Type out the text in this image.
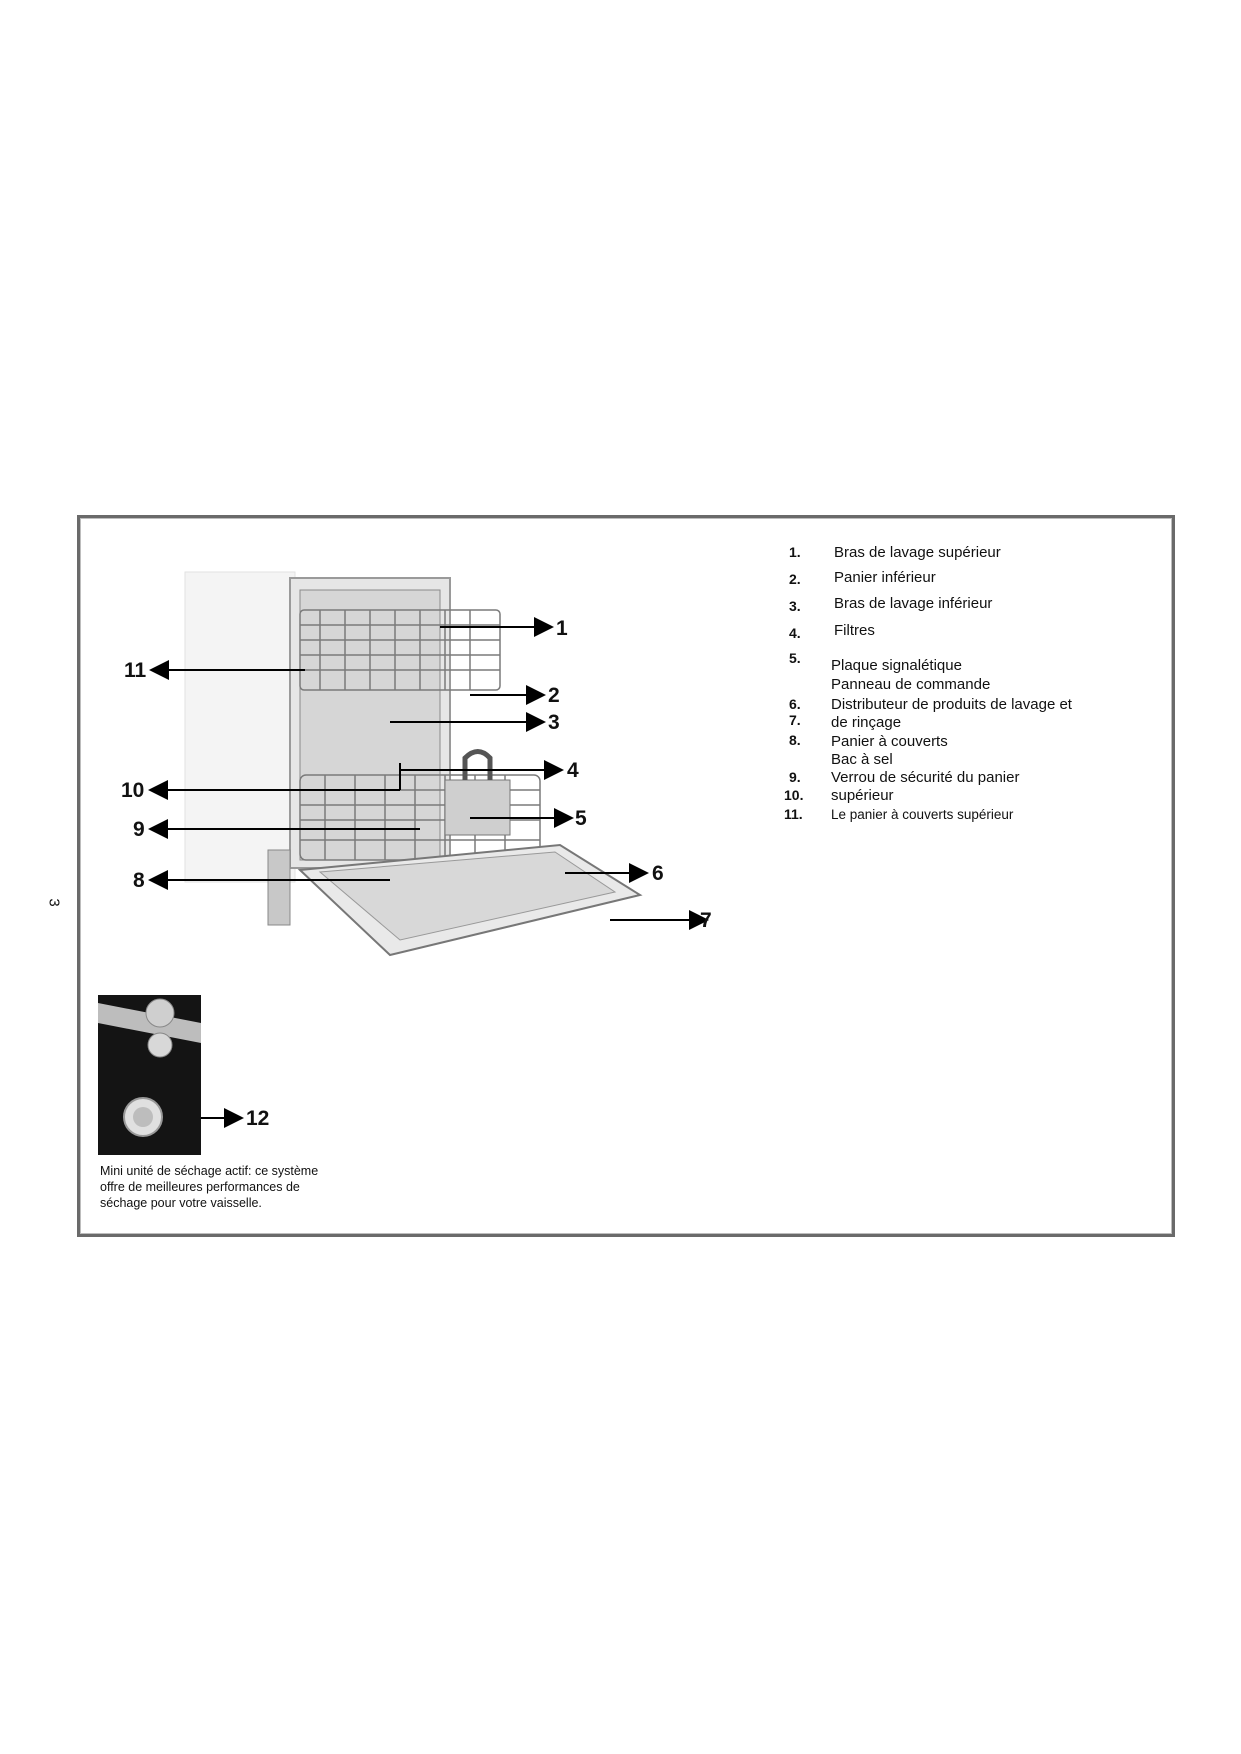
3
1
2
3
4
5
6
7
8
9
10
11
12
1.
2.
3.
4.
5.
6.
7.
8.
9.
10.
11.
Bras de lavage supérieur
Panier inférieur
Bras de lavage inférieur
Filtres
Plaque signalétique
Panneau de commande
Distributeur de produits de lavage et
de rinçage
Panier à couverts
Bac à sel
Verrou de sécurité du panier
supérieur
Le panier à couverts supérieur
Mini unité de séchage actif: ce système
offre de meilleures performances de
séchage pour votre vaisselle.
